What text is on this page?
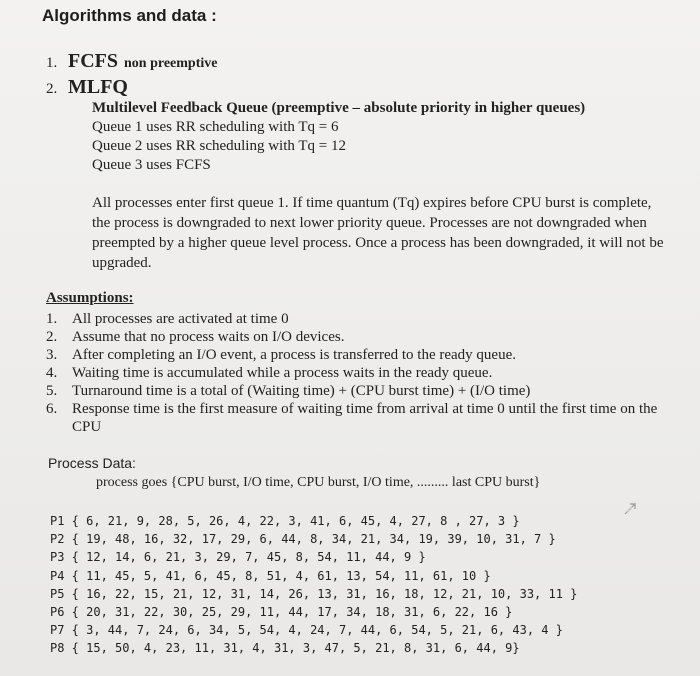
Algorithms and data :
1. FCFS non preemptive
2. MLFQ
Multilevel Feedback Queue (preemptive – absolute priority in higher queues)
Queue 1 uses RR scheduling with Tq = 6
Queue 2 uses RR scheduling with Tq = 12
Queue 3 uses FCFS
All processes enter first queue 1. If time quantum (Tq) expires before CPU burst is complete, the process is downgraded to next lower priority queue. Processes are not downgraded when preempted by a higher queue level process. Once a process has been downgraded, it will not be upgraded.
Assumptions:
1. All processes are activated at time 0
2. Assume that no process waits on I/O devices.
3. After completing an I/O event, a process is transferred to the ready queue.
4. Waiting time is accumulated while a process waits in the ready queue.
5. Turnaround time is a total of (Waiting time) + (CPU burst time) + (I/O time)
6. Response time is the first measure of waiting time from arrival at time 0 until the first time on the CPU
Process Data:
process goes {CPU burst, I/O time, CPU burst, I/O time, ......... last CPU burst}
P1 { 6, 21, 9, 28, 5, 26, 4, 22, 3, 41, 6, 45, 4, 27, 8 , 27, 3 }
P2 { 19, 48, 16, 32, 17, 29, 6, 44, 8, 34, 21, 34, 19, 39, 10, 31, 7 }
P3 { 12, 14, 6, 21, 3, 29, 7, 45, 8, 54, 11, 44, 9 }
P4 { 11, 45, 5, 41, 6, 45, 8, 51, 4, 61, 13, 54, 11, 61, 10 }
P5 { 16, 22, 15, 21, 12, 31, 14, 26, 13, 31, 16, 18, 12, 21, 10, 33, 11 }
P6 { 20, 31, 22, 30, 25, 29, 11, 44, 17, 34, 18, 31, 6, 22, 16 }
P7 { 3, 44, 7, 24, 6, 34, 5, 54, 4, 24, 7, 44, 6, 54, 5, 21, 6, 43, 4 }
P8 { 15, 50, 4, 23, 11, 31, 4, 31, 3, 47, 5, 21, 8, 31, 6, 44, 9}
